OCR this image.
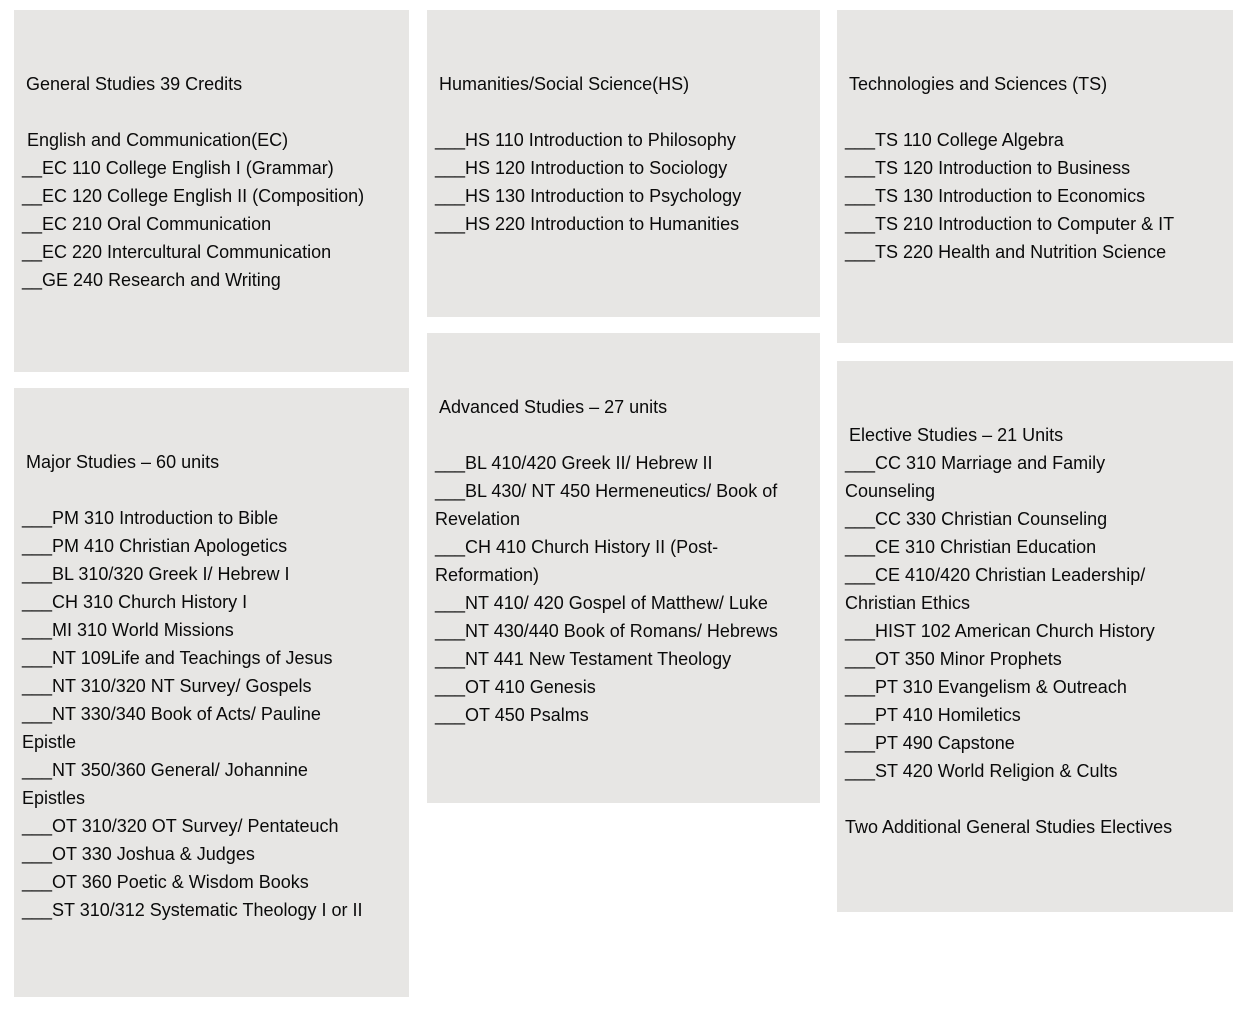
General Studies 39 Credits
English and Communication(EC)
__EC 110 College English I (Grammar)
__EC 120 College English II (Composition)
__EC 210 Oral Communication
__EC 220 Intercultural Communication
__GE 240 Research and Writing
Major Studies – 60 units
___PM 310 Introduction to Bible
___PM 410 Christian Apologetics
___BL 310/320 Greek I/ Hebrew I
___CH 310 Church History I
___MI 310 World Missions
___NT 109Life and Teachings of Jesus
___NT 310/320 NT Survey/ Gospels
___NT 330/340 Book of Acts/ Pauline
Epistle
___NT 350/360 General/ Johannine
Epistles
___OT 310/320 OT Survey/ Pentateuch
___OT 330 Joshua & Judges
___OT 360 Poetic & Wisdom Books
___ST 310/312 Systematic Theology I or II
Humanities/Social Science(HS)
___HS 110 Introduction to Philosophy
___HS 120 Introduction to Sociology
___HS 130 Introduction to Psychology
___HS 220 Introduction to Humanities
Advanced Studies – 27 units
___BL 410/420 Greek II/ Hebrew II
___BL 430/ NT 450 Hermeneutics/ Book of
Revelation
___CH 410 Church History II (Post-
Reformation)
___NT 410/ 420 Gospel of Matthew/ Luke
___NT 430/440 Book of Romans/ Hebrews
___NT 441 New Testament Theology
___OT 410 Genesis
___OT 450 Psalms
Technologies and Sciences (TS)
___TS 110 College Algebra
___TS 120 Introduction to Business
___TS 130 Introduction to Economics
___TS 210 Introduction to Computer & IT
___TS 220 Health and Nutrition Science
Elective Studies – 21 Units
___CC 310 Marriage and Family
Counseling
___CC 330 Christian Counseling
___CE 310 Christian Education
___CE 410/420 Christian Leadership/
Christian Ethics
___HIST 102 American Church History
___OT 350 Minor Prophets
___PT 310 Evangelism & Outreach
___PT 410 Homiletics
___PT 490 Capstone
___ST 420 World Religion & Cults
Two Additional General Studies Electives
